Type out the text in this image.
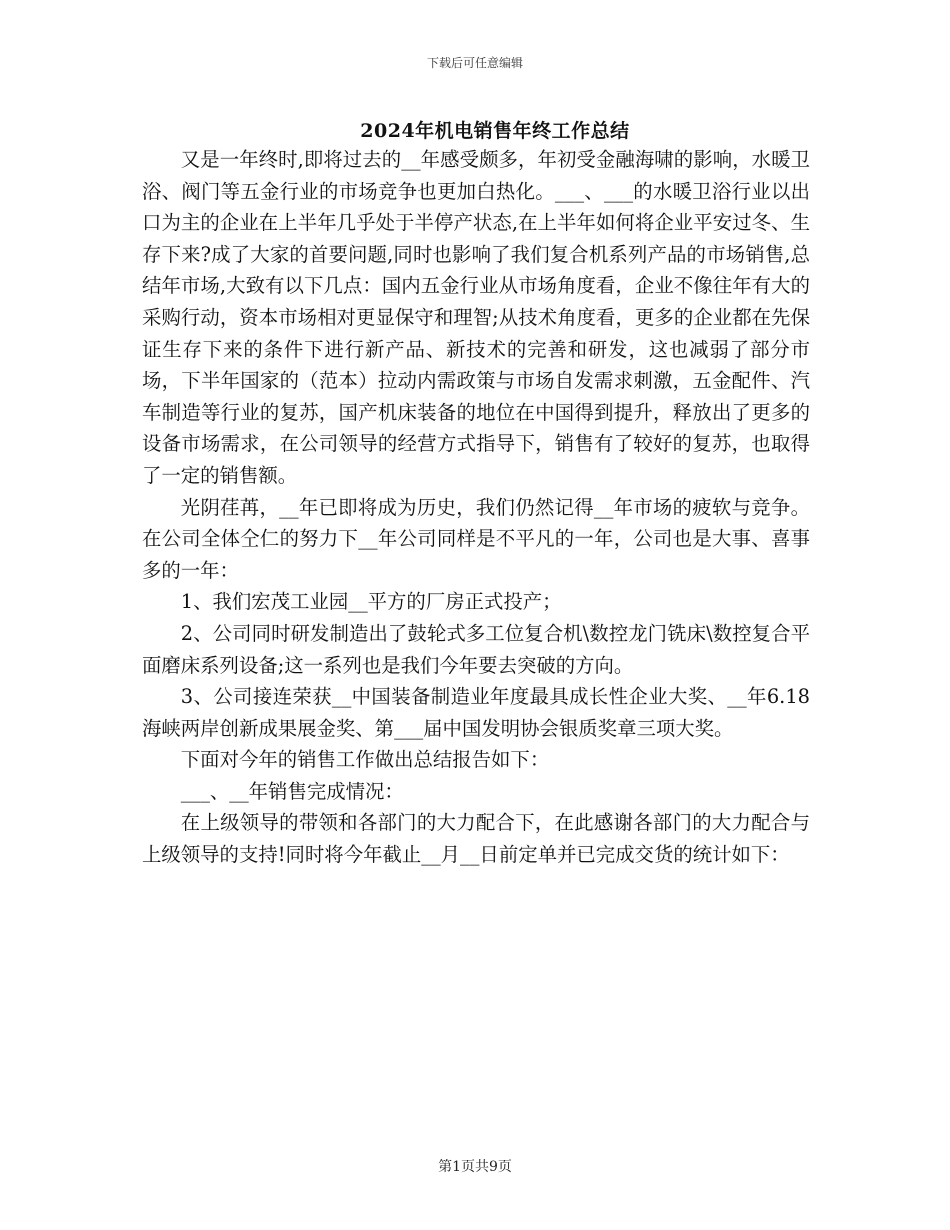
下载后可任意编辑
2024年机电销售年终工作总结

又是一年终时,即将过去的__年感受颇多，年初受金融海啸的影响，水暖卫浴、阀门等五金行业的市场竞争也更加白热化。___、___的水暖卫浴行业以出口为主的企业在上半年几乎处于半停产状态,在上半年如何将企业平安过冬、生存下来?成了大家的首要问题,同时也影响了我们复合机系列产品的市场销售,总结年市场,大致有以下几点：国内五金行业从市场角度看，企业不像往年有大的采购行动，资本市场相对更显保守和理智;从技术角度看，更多的企业都在先保证生存下来的条件下进行新产品、新技术的完善和研发，这也减弱了部分市场，下半年国家的（范本）拉动内需政策与市场自发需求刺激，五金配件、汽车制造等行业的复苏，国产机床装备的地位在中国得到提升，释放出了更多的设备市场需求，在公司领导的经营方式指导下，销售有了较好的复苏，也取得了一定的销售额。

光阴荏苒，__年已即将成为历史，我们仍然记得__年市场的疲软与竞争。在公司全体仝仁的努力下__年公司同样是不平凡的一年，公司也是大事、喜事多的一年：

1、我们宏茂工业园__平方的厂房正式投产；

2、公司同时研发制造出了鼓轮式多工位复合机\数控龙门铣床\数控复合平面磨床系列设备;这一系列也是我们今年要去突破的方向。

3、公司接连荣获__中国装备制造业年度最具成长性企业大奖、__年6.18海峡两岸创新成果展金奖、第___届中国发明协会银质奖章三项大奖。

下面对今年的销售工作做出总结报告如下：

___、__年销售完成情况：

在上级领导的带领和各部门的大力配合下，在此感谢各部门的大力配合与上级领导的支持!同时将今年截止__月__日前定单并已完成交货的统计如下：

第1页共9页
